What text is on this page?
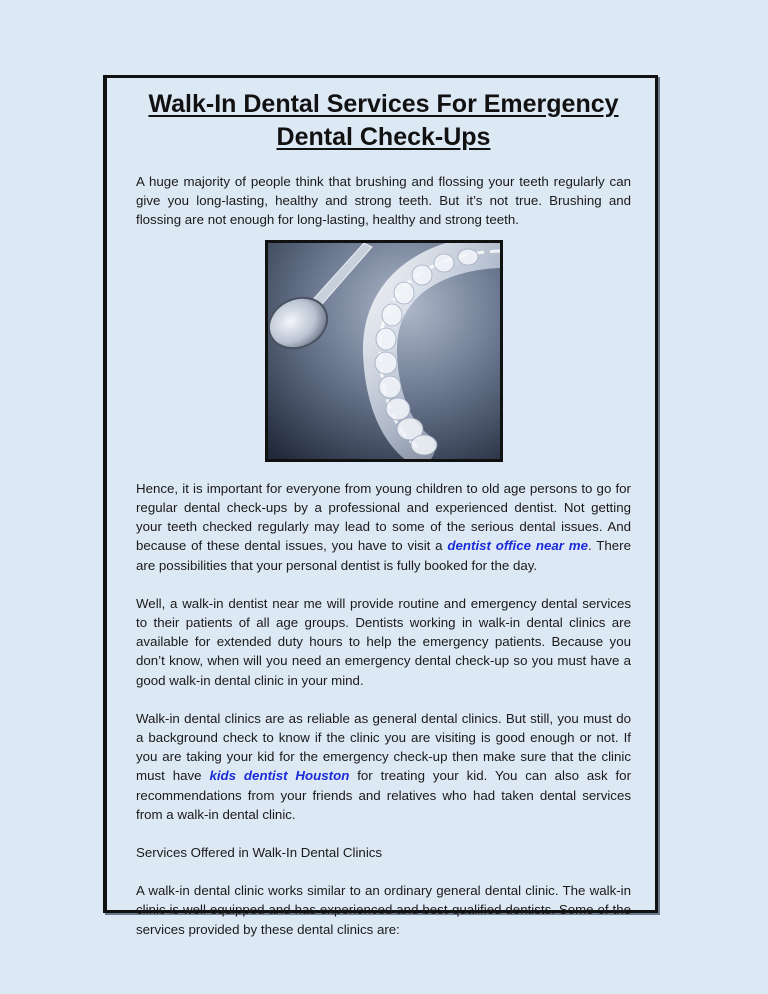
Walk-In Dental Services For Emergency
Dental Check-Ups

A huge majority of people think that brushing and flossing your teeth regularly can give you long-lasting, healthy and strong teeth. But it’s not true. Brushing and flossing are not enough for long-lasting, healthy and strong teeth.

Hence, it is important for everyone from young children to old age persons to go for regular dental check-ups by a professional and experienced dentist. Not getting your teeth checked regularly may lead to some of the serious dental issues. And because of these dental issues, you have to visit a dentist office near me. There are possibilities that your personal dentist is fully booked for the day.

Well, a walk-in dentist near me will provide routine and emergency dental services to their patients of all age groups. Dentists working in walk-in dental clinics are available for extended duty hours to help the emergency patients. Because you don’t know, when will you need an emergency dental check-up so you must have a good walk-in dental clinic in your mind.

Walk-in dental clinics are as reliable as general dental clinics. But still, you must do a background check to know if the clinic you are visiting is good enough or not. If you are taking your kid for the emergency check-up then make sure that the clinic must have kids dentist Houston for treating your kid. You can also ask for recommendations from your friends and relatives who had taken dental services from a walk-in dental clinic.

Services Offered in Walk-In Dental Clinics

A walk-in dental clinic works similar to an ordinary general dental clinic. The walk-in clinic is well equipped and has experienced and best-qualified dentists. Some of the services provided by these dental clinics are:
